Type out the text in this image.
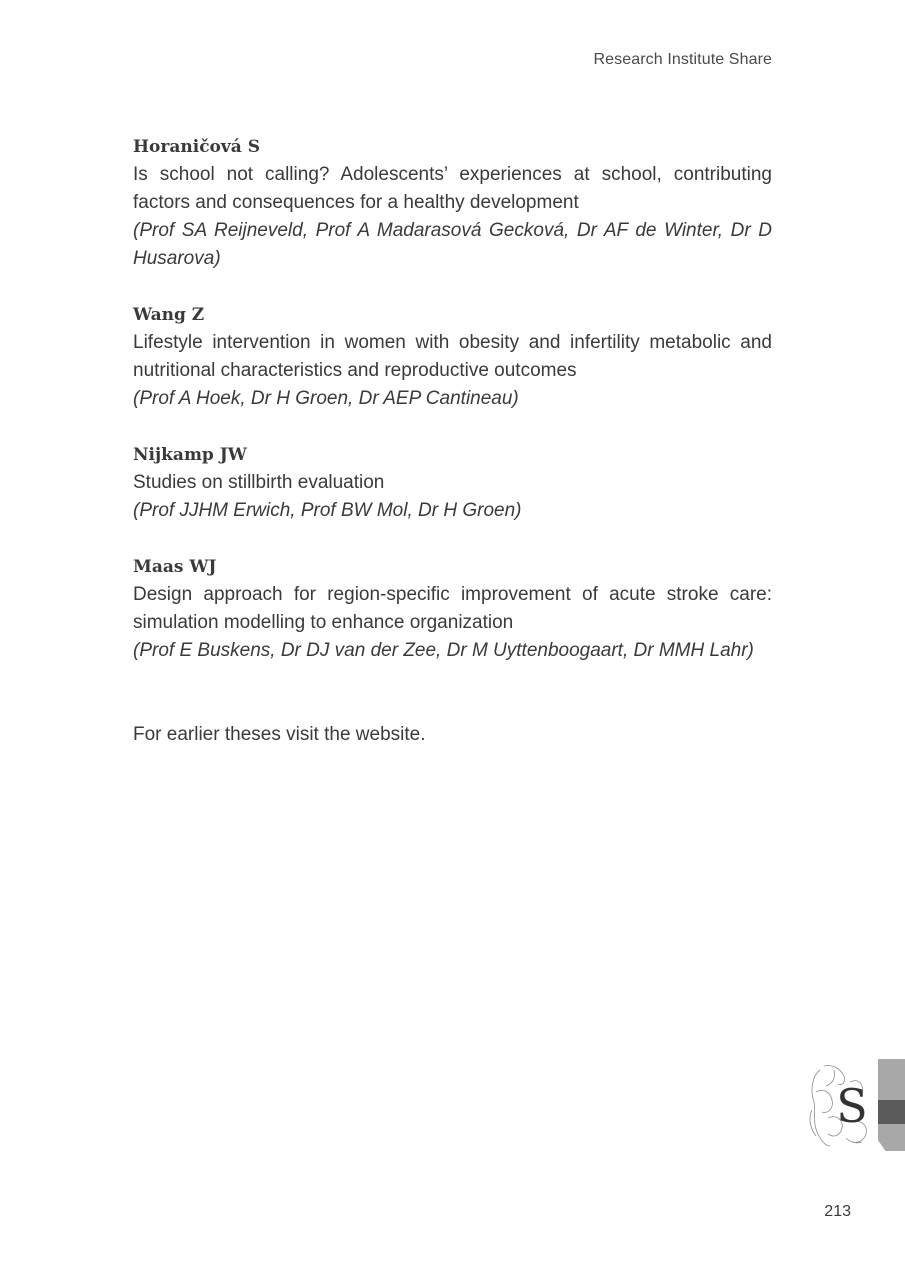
Research Institute Share
Horaničová S
Is school not calling? Adolescents’ experiences at school, contributing factors and consequences for a healthy development
(Prof SA Reijneveld, Prof A Madarasová Gecková, Dr AF de Winter, Dr D Husarova)
Wang Z
Lifestyle intervention in women with obesity and infertility metabolic and nutritional characteristics and reproductive outcomes
(Prof A Hoek, Dr H Groen, Dr AEP Cantineau)
Nijkamp JW
Studies on stillbirth evaluation
(Prof JJHM Erwich, Prof BW Mol, Dr H Groen)
Maas WJ
Design approach for region-specific improvement of acute stroke care: simulation modelling to enhance organization
(Prof E Buskens, Dr DJ van der Zee, Dr M Uyttenboogaart, Dr MMH Lahr)
For earlier theses visit the website.
S
213
